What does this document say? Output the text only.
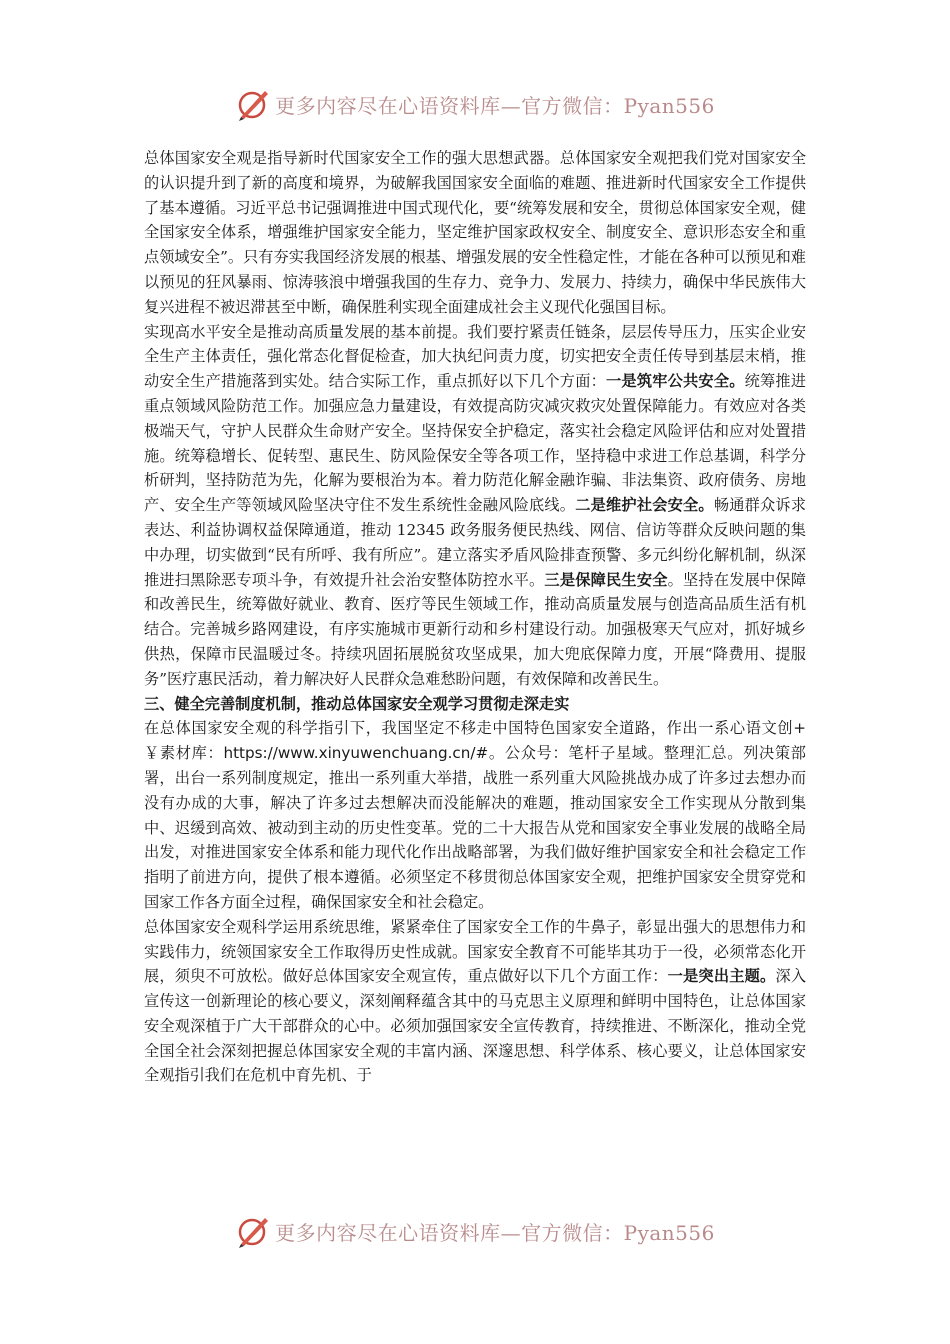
更多内容尽在心语资料库—官方微信：Pyan556

总体国家安全观是指导新时代国家安全工作的强大思想武器。总体国家安全观把我们党对国家安全的认识提升到了新的高度和境界，为破解我国国家安全面临的难题、推进新时代国家安全工作提供了基本遵循。习近平总书记强调推进中国式现代化，要“统筹发展和安全，贯彻总体国家安全观，健全国家安全体系，增强维护国家安全能力，坚定维护国家政权安全、制度安全、意识形态安全和重点领域安全”。只有夯实我国经济发展的根基、增强发展的安全性稳定性，才能在各种可以预见和难以预见的狂风暴雨、惊涛骇浪中增强我国的生存力、竞争力、发展力、持续力，确保中华民族伟大复兴进程不被迟滞甚至中断，确保胜利实现全面建成社会主义现代化强国目标。

实现高水平安全是推动高质量发展的基本前提。我们要拧紧责任链条，层层传导压力，压实企业安全生产主体责任，强化常态化督促检查，加大执纪问责力度，切实把安全责任传导到基层末梢，推动安全生产措施落到实处。结合实际工作，重点抓好以下几个方面：一是筑牢公共安全。统筹推进重点领域风险防范工作。加强应急力量建设，有效提高防灾减灾救灾处置保障能力。有效应对各类极端天气，守护人民群众生命财产安全。坚持保安全护稳定，落实社会稳定风险评估和应对处置措施。统筹稳增长、促转型、惠民生、防风险保安全等各项工作，坚持稳中求进工作总基调，科学分析研判，坚持防范为先，化解为要根治为本。着力防范化解金融诈骗、非法集资、政府债务、房地产、安全生产等领域风险坚决守住不发生系统性金融风险底线。二是维护社会安全。畅通群众诉求表达、利益协调权益保障通道，推动 12345 政务服务便民热线、网信、信访等群众反映问题的集中办理，切实做到“民有所呼、我有所应”。建立落实矛盾风险排查预警、多元纠纷化解机制，纵深推进扫黑除恶专项斗争，有效提升社会治安整体防控水平。三是保障民生安全。坚持在发展中保障和改善民生，统筹做好就业、教育、医疗等民生领域工作，推动高质量发展与创造高品质生活有机结合。完善城乡路网建设，有序实施城市更新行动和乡村建设行动。加强极寒天气应对，抓好城乡供热，保障市民温暖过冬。持续巩固拓展脱贫攻坚成果，加大兜底保障力度，开展“降费用、提服务”医疗惠民活动，着力解决好人民群众急难愁盼问题，有效保障和改善民生。

三、健全完善制度机制，推动总体国家安全观学习贯彻走深走实

在总体国家安全观的科学指引下，我国坚定不移走中国特色国家安全道路，作出一系心语文创+￥素材库：https://www.xinyuwenchuang.cn/#。公众号：笔杆子星域。整理汇总。列决策部署，出台一系列制度规定，推出一系列重大举措，战胜一系列重大风险挑战办成了许多过去想办而没有办成的大事，解决了许多过去想解决而没能解决的难题，推动国家安全工作实现从分散到集中、迟缓到高效、被动到主动的历史性变革。党的二十大报告从党和国家安全事业发展的战略全局出发，对推进国家安全体系和能力现代化作出战略部署，为我们做好维护国家安全和社会稳定工作指明了前进方向，提供了根本遵循。必须坚定不移贯彻总体国家安全观，把维护国家安全贯穿党和国家工作各方面全过程，确保国家安全和社会稳定。

总体国家安全观科学运用系统思维，紧紧牵住了国家安全工作的牛鼻子，彰显出强大的思想伟力和实践伟力，统领国家安全工作取得历史性成就。国家安全教育不可能毕其功于一役，必须常态化开展，须臾不可放松。做好总体国家安全观宣传，重点做好以下几个方面工作：一是突出主题。深入宣传这一创新理论的核心要义，深刻阐释蕴含其中的马克思主义原理和鲜明中国特色，让总体国家安全观深植于广大干部群众的心中。必须加强国家安全宣传教育，持续推进、不断深化，推动全党全国全社会深刻把握总体国家安全观的丰富内涵、深邃思想、科学体系、核心要义，让总体国家安全观指引我们在危机中育先机、于

更多内容尽在心语资料库—官方微信：Pyan556
